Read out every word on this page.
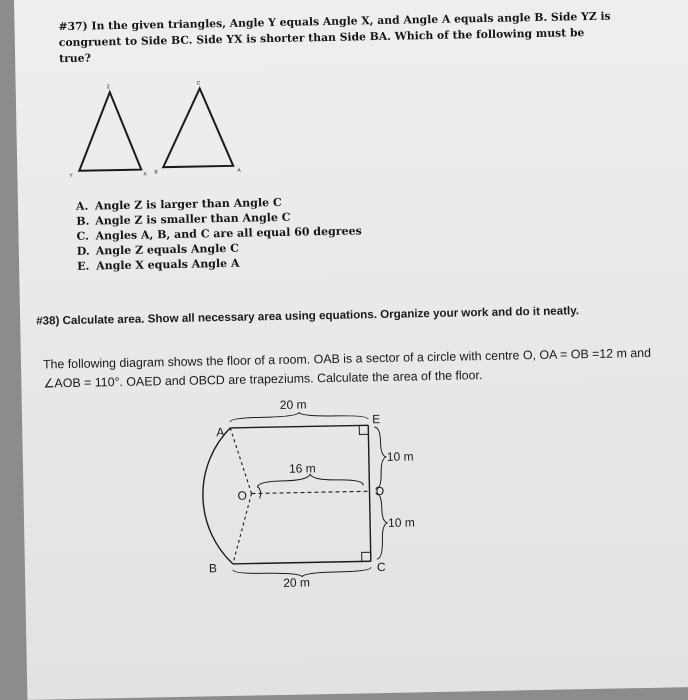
#37) In the given triangles, Angle Y equals Angle X, and Angle A equals angle B. Side YZ is congruent to Side BC. Side YX is shorter than Side BA. Which of the following must be true?
Z
Y	X
C
B	A
A. Angle Z is larger than Angle C
B. Angle Z is smaller than Angle C
C. Angles A, B, and C are all equal 60 degrees
D. Angle Z equals Angle C
E. Angle X equals Angle A
#38) Calculate area. Show all necessary area using equations. Organize your work and do it neatly.
The following diagram shows the floor of a room. OAB is a sector of a circle with centre O, OA = OB =12 m and ∠AOB = 110°. OAED and OBCD are trapeziums. Calculate the area of the floor.
20 m
20 m
16 m
10 m
10 m
A
B
O
E
D
C
